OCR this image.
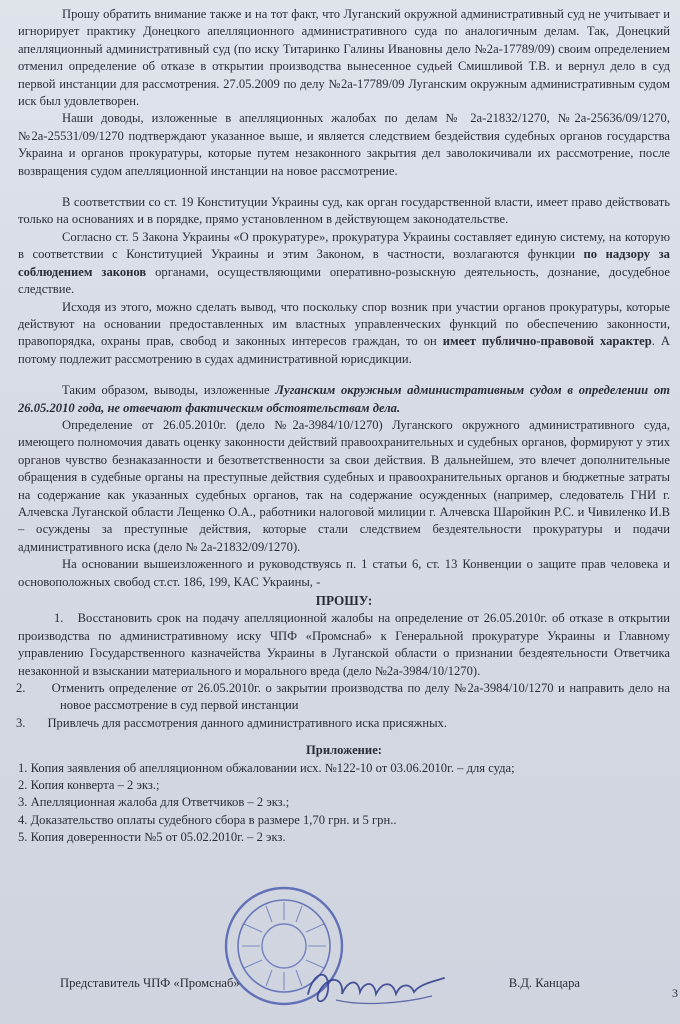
Прошу обратить внимание также и на тот факт, что Луганский окружной административный суд не учитывает и игнорирует практику Донецкого апелляционного административного суда по аналогичным делам. Так, Донецкий апелляционный административный суд (по иску Титаринко Галины Ивановны дело №2а-17789/09) своим определением отменил определение об отказе в открытии производства вынесенное судьей Смишливой Т.В. и вернул дело в суд первой инстанции для рассмотрения. 27.05.2009 по делу №2а-17789/09 Луганским окружным административным судом иск был удовлетворен.

Наши доводы, изложенные в апелляционных жалобах по делам № 2а-21832/1270, №2а-25636/09/1270, №2а-25531/09/1270 подтверждают указанное выше, и является следствием бездействия судебных органов государства Украина и органов прокуратуры, которые путем незаконного закрытия дел заволокичивали их рассмотрение, после возвращения судом апелляционной инстанции на новое рассмотрение.

В соответствии со ст. 19 Конституции Украины суд, как орган государственной власти, имеет право действовать только на основаниях и в порядке, прямо установленном в действующем законодательстве.

Согласно ст. 5 Закона Украины «О прокуратуре», прокуратура Украины составляет единую систему, на которую в соответствии с Конституцией Украины и этим Законом, в частности, возлагаются функции по надзору за соблюдением законов органами, осуществляющими оперативно-розыскную деятельность, дознание, досудебное следствие.

Исходя из этого, можно сделать вывод, что поскольку спор возник при участии органов прокуратуры, которые действуют на основании предоставленных им властных управленческих функций по обеспечению законности, правопорядка, охраны прав, свобод и законных интересов граждан, то он имеет публично-правовой характер. А потому подлежит рассмотрению в судах административной юрисдикции.

Таким образом, выводы, изложенные Луганским окружным административным судом в определении от 26.05.2010 года, не отвечают фактическим обстоятельствам дела.

Определение от 26.05.2010г. (дело №2а-3984/10/1270) Луганского окружного административного суда, имеющего полномочия давать оценку законности действий правоохранительных и судебных органов, формируют у этих органов чувство безнаказанности и безответственности за свои действия. В дальнейшем, это влечет дополнительные обращения в судебные органы на преступные действия судебных и правоохранительных органов и бюджетные затраты на содержание как указанных судебных органов, так на содержание осужденных (например, следователь ГНИ г. Алчевска Луганской области Лещенко О.А., работники налоговой милиции г. Алчевска Шаройкин Р.С. и Чивиленко И.В – осуждены за преступные действия, которые стали следствием бездеятельности прокуратуры и подачи административного иска (дело № 2а-21832/09/1270).

На основании вышеизложенного и руководствуясь п. 1 статьи 6, ст. 13 Конвенции о защите прав человека и основоположных свобод ст.ст. 186, 199, КАС Украины, -

ПРОШУ:
1. Восстановить срок на подачу апелляционной жалобы на определение от 26.05.2010г. об отказе в открытии производства по административному иску ЧПФ «Промснаб» к Генеральной прокуратуре Украины и Главному управлению Государственного казначейства Украины в Луганской области о признании бездеятельности Ответчика незаконной и взыскании материального и морального вреда (дело №2а-3984/10/1270).
2. Отменить определение от 26.05.2010г. о закрытии производства по делу №2а-3984/10/1270 и направить дело на новое рассмотрение в суд первой инстанции
3. Привлечь для рассмотрения данного административного иска присяжных.
Приложение:

1. Копия заявления об апелляционном обжаловании исх. №122-10 от 03.06.2010г. – для суда;

2. Копия конверта – 2 экз.;

3. Апелляционная жалоба для Ответчиков – 2 экз.;

4. Доказательство оплаты судебного сбора в размере 1,70 грн. и 5 грн..

5. Копия доверенности №5 от 05.02.2010г. – 2 экз.

Представитель ЧПФ «Промснаб»	В.Д. Канцара
3
